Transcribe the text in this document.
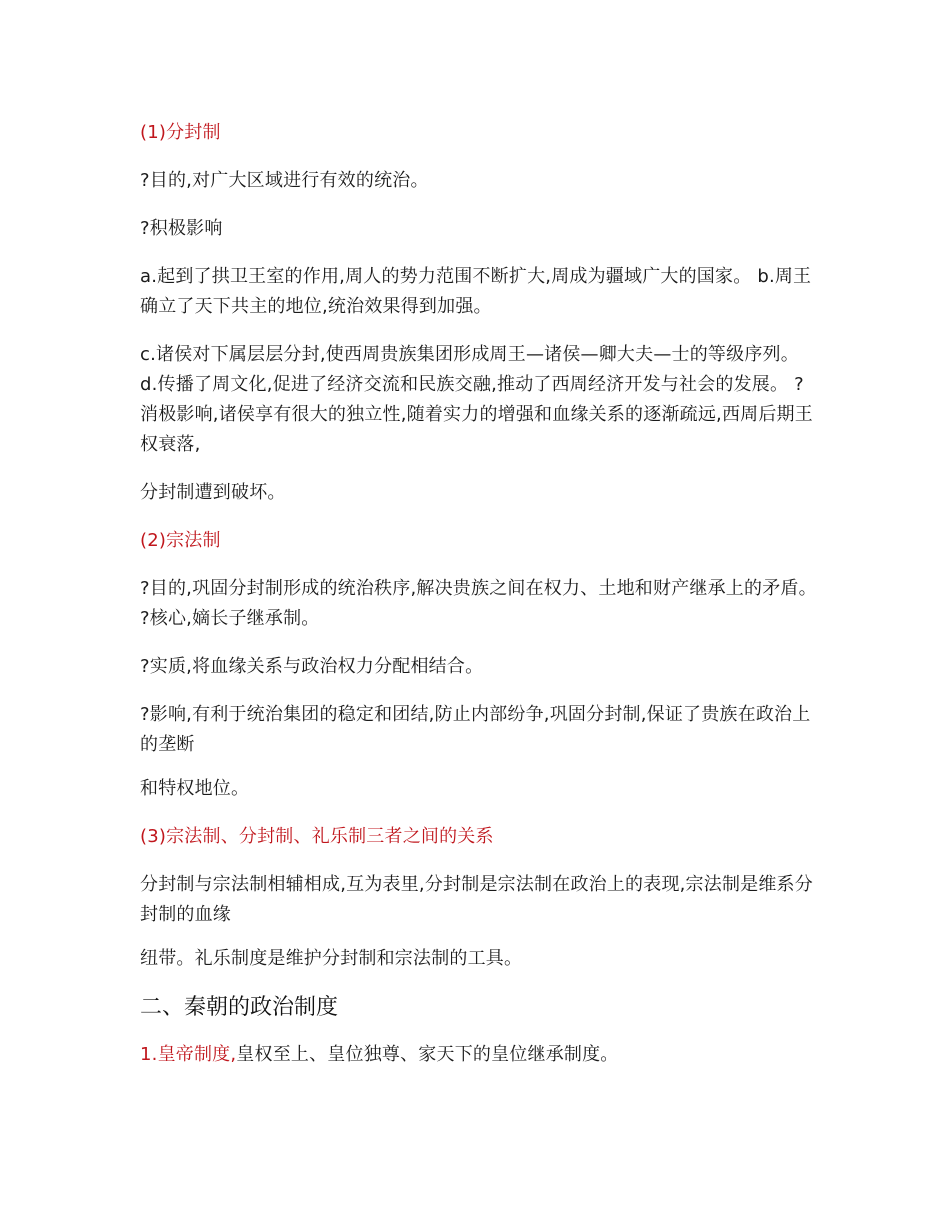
(1)分封制
?目的,对广大区域进行有效的统治。
?积极影响
a.起到了拱卫王室的作用,周人的势力范围不断扩大,周成为疆域广大的国家。 b.周王确立了天下共主的地位,统治效果得到加强。
c.诸侯对下属层层分封,使西周贵族集团形成周王—诸侯—卿大夫—士的等级序列。 d.传播了周文化,促进了经济交流和民族交融,推动了西周经济开发与社会的发展。 ?消极影响,诸侯享有很大的独立性,随着实力的增强和血缘关系的逐渐疏远,西周后期王权衰落,
分封制遭到破坏。
(2)宗法制
?目的,巩固分封制形成的统治秩序,解决贵族之间在权力、土地和财产继承上的矛盾。 ?核心,嫡长子继承制。
?实质,将血缘关系与政治权力分配相结合。
?影响,有利于统治集团的稳定和团结,防止内部纷争,巩固分封制,保证了贵族在政治上的垄断
和特权地位。
(3)宗法制、分封制、礼乐制三者之间的关系
分封制与宗法制相辅相成,互为表里,分封制是宗法制在政治上的表现,宗法制是维系分封制的血缘
纽带。礼乐制度是维护分封制和宗法制的工具。
二、秦朝的政治制度
1.皇帝制度,皇权至上、皇位独尊、家天下的皇位继承制度。
